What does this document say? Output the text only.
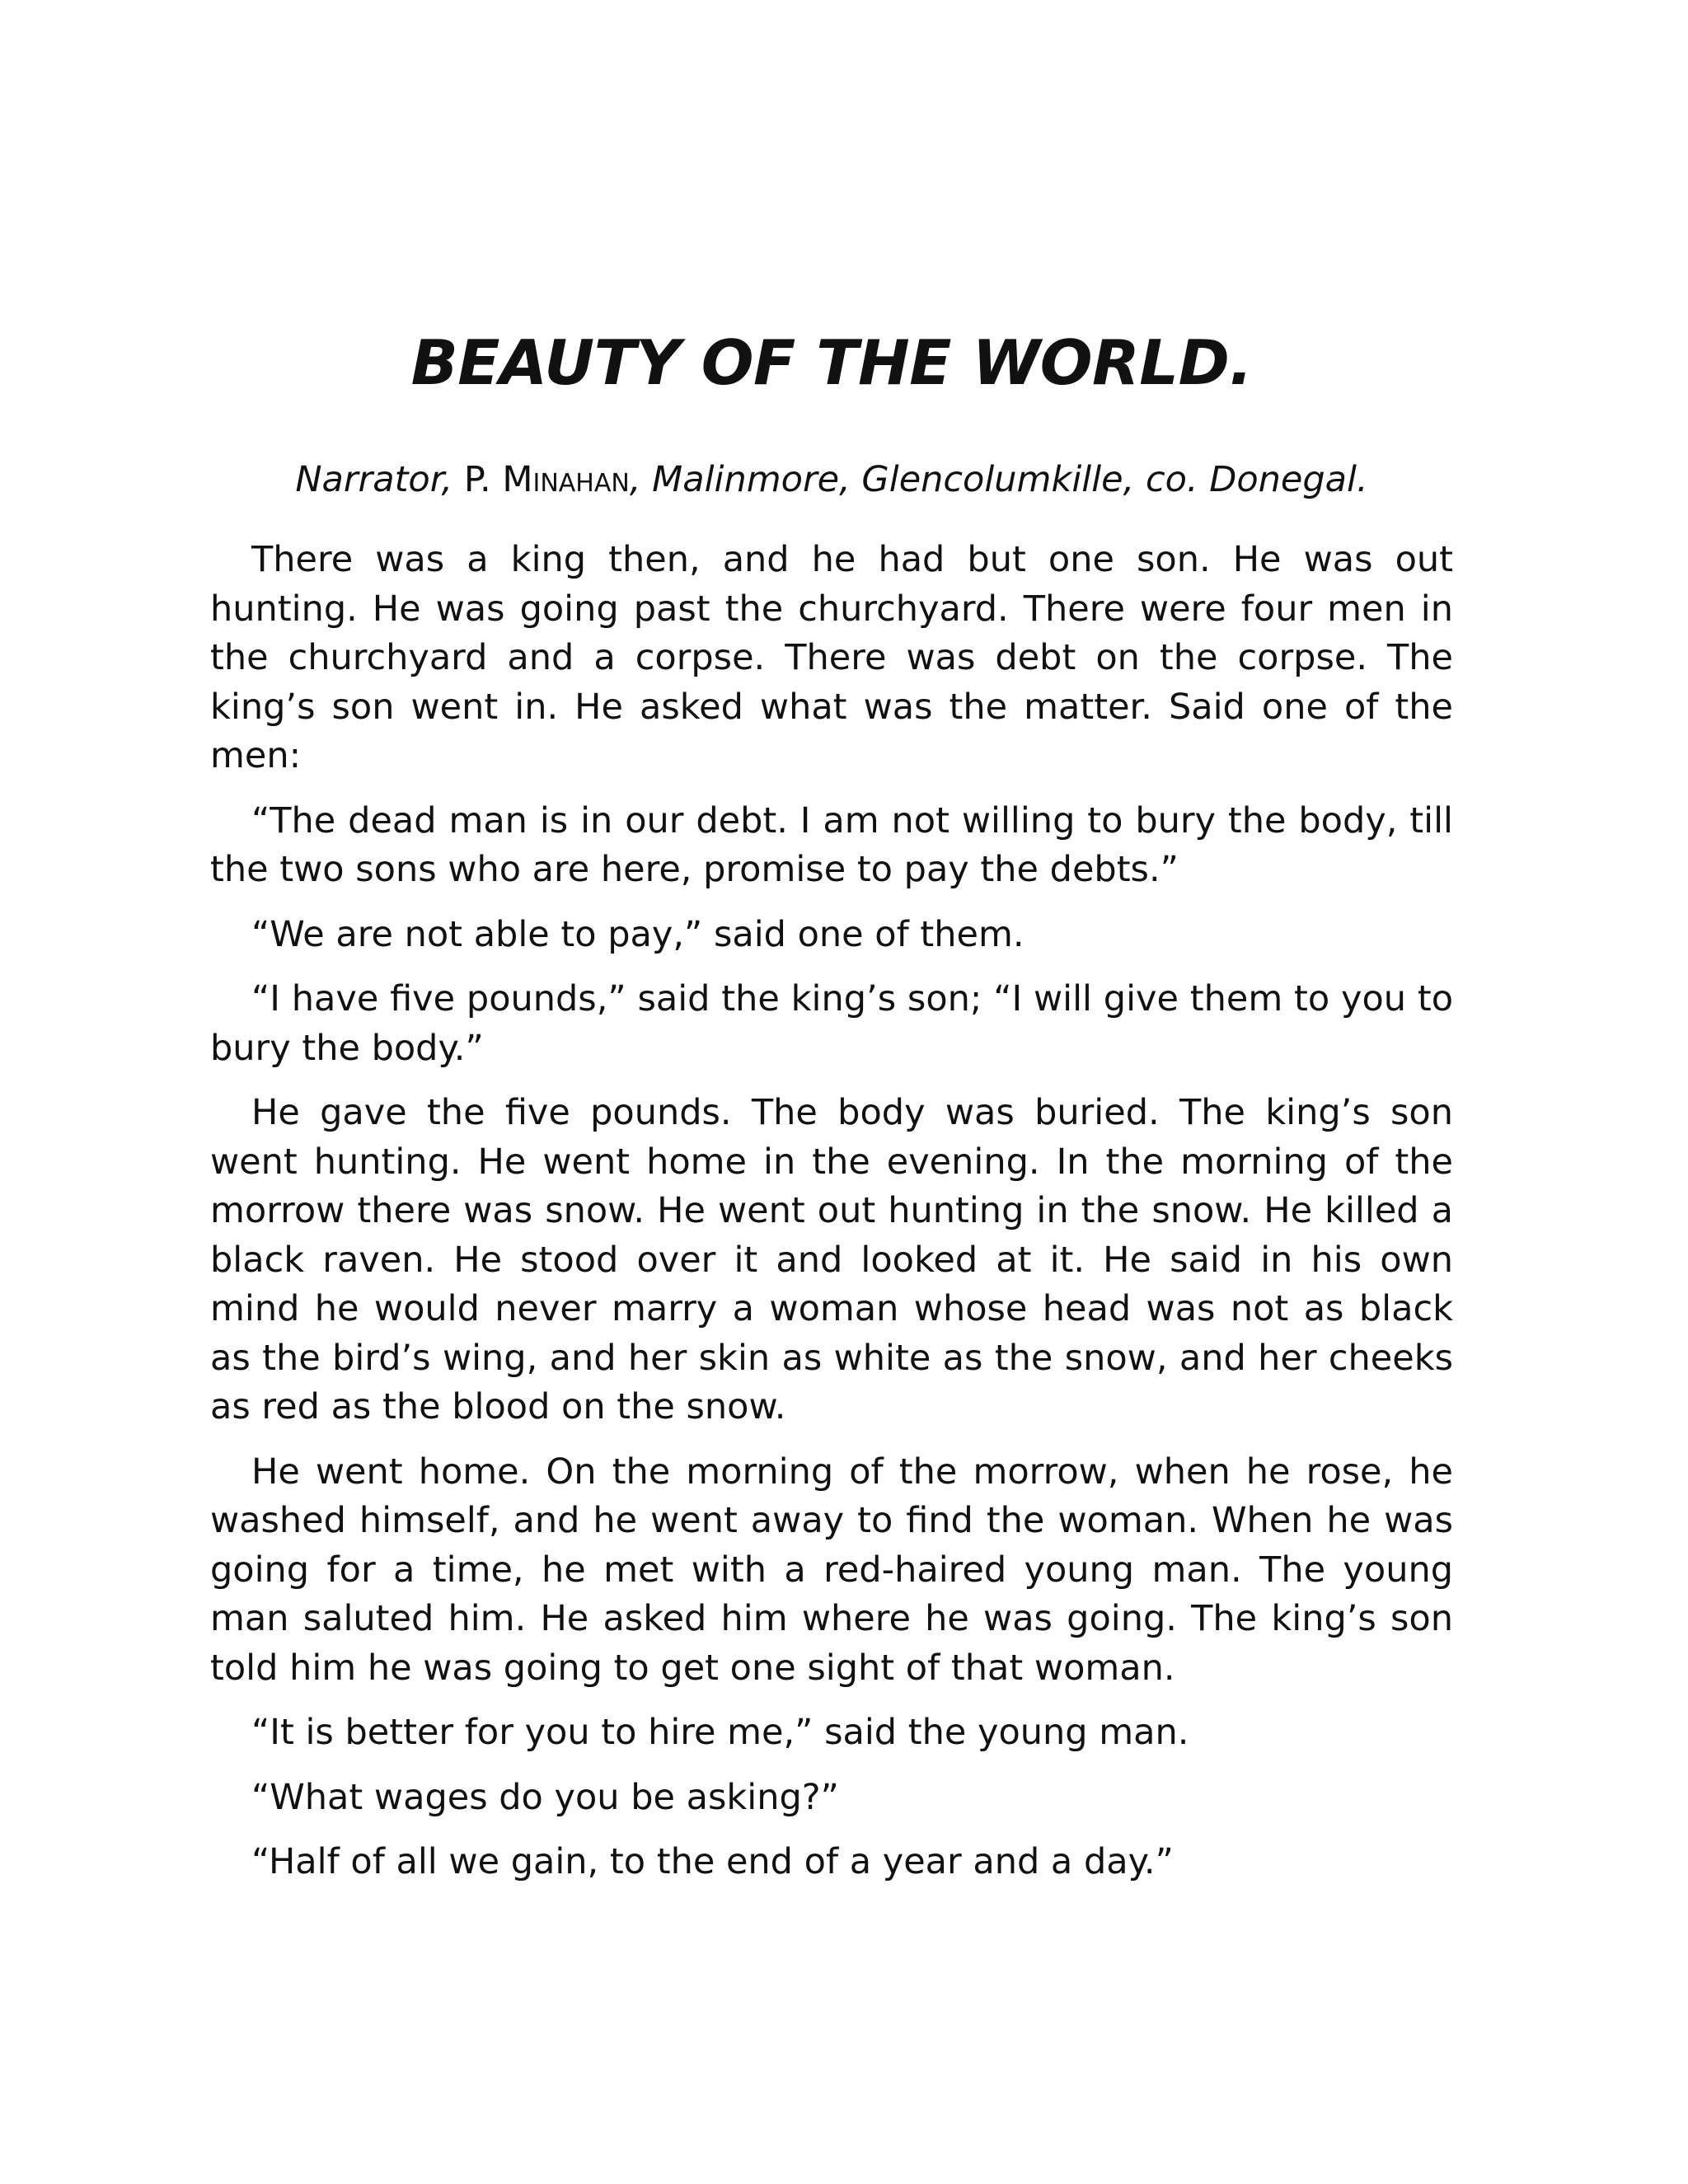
BEAUTY OF THE WORLD.
Narrator, P. Minahan, Malinmore, Glencolumkille, co. Donegal.

There was a king then, and he had but one son. He was out hunting. He was going past the churchyard. There were four men in the churchyard and a corpse. There was debt on the corpse. The king’s son went in. He asked what was the matter. Said one of the men:

“The dead man is in our debt. I am not willing to bury the body, till the two sons who are here, promise to pay the debts.”

“We are not able to pay,” said one of them.

“I have five pounds,” said the king’s son; “I will give them to you to bury the body.”

He gave the five pounds. The body was buried. The king’s son went hunting. He went home in the evening. In the morning of the morrow there was snow. He went out hunting in the snow. He killed a black raven. He stood over it and looked at it. He said in his own mind he would never marry a woman whose head was not as black as the bird’s wing, and her skin as white as the snow, and her cheeks as red as the blood on the snow.

He went home. On the morning of the morrow, when he rose, he washed himself, and he went away to find the woman. When he was going for a time, he met with a red-haired young man. The young man saluted him. He asked him where he was going. The king’s son told him he was going to get one sight of that woman.

“It is better for you to hire me,” said the young man.

“What wages do you be asking?”

“Half of all we gain, to the end of a year and a day.”
